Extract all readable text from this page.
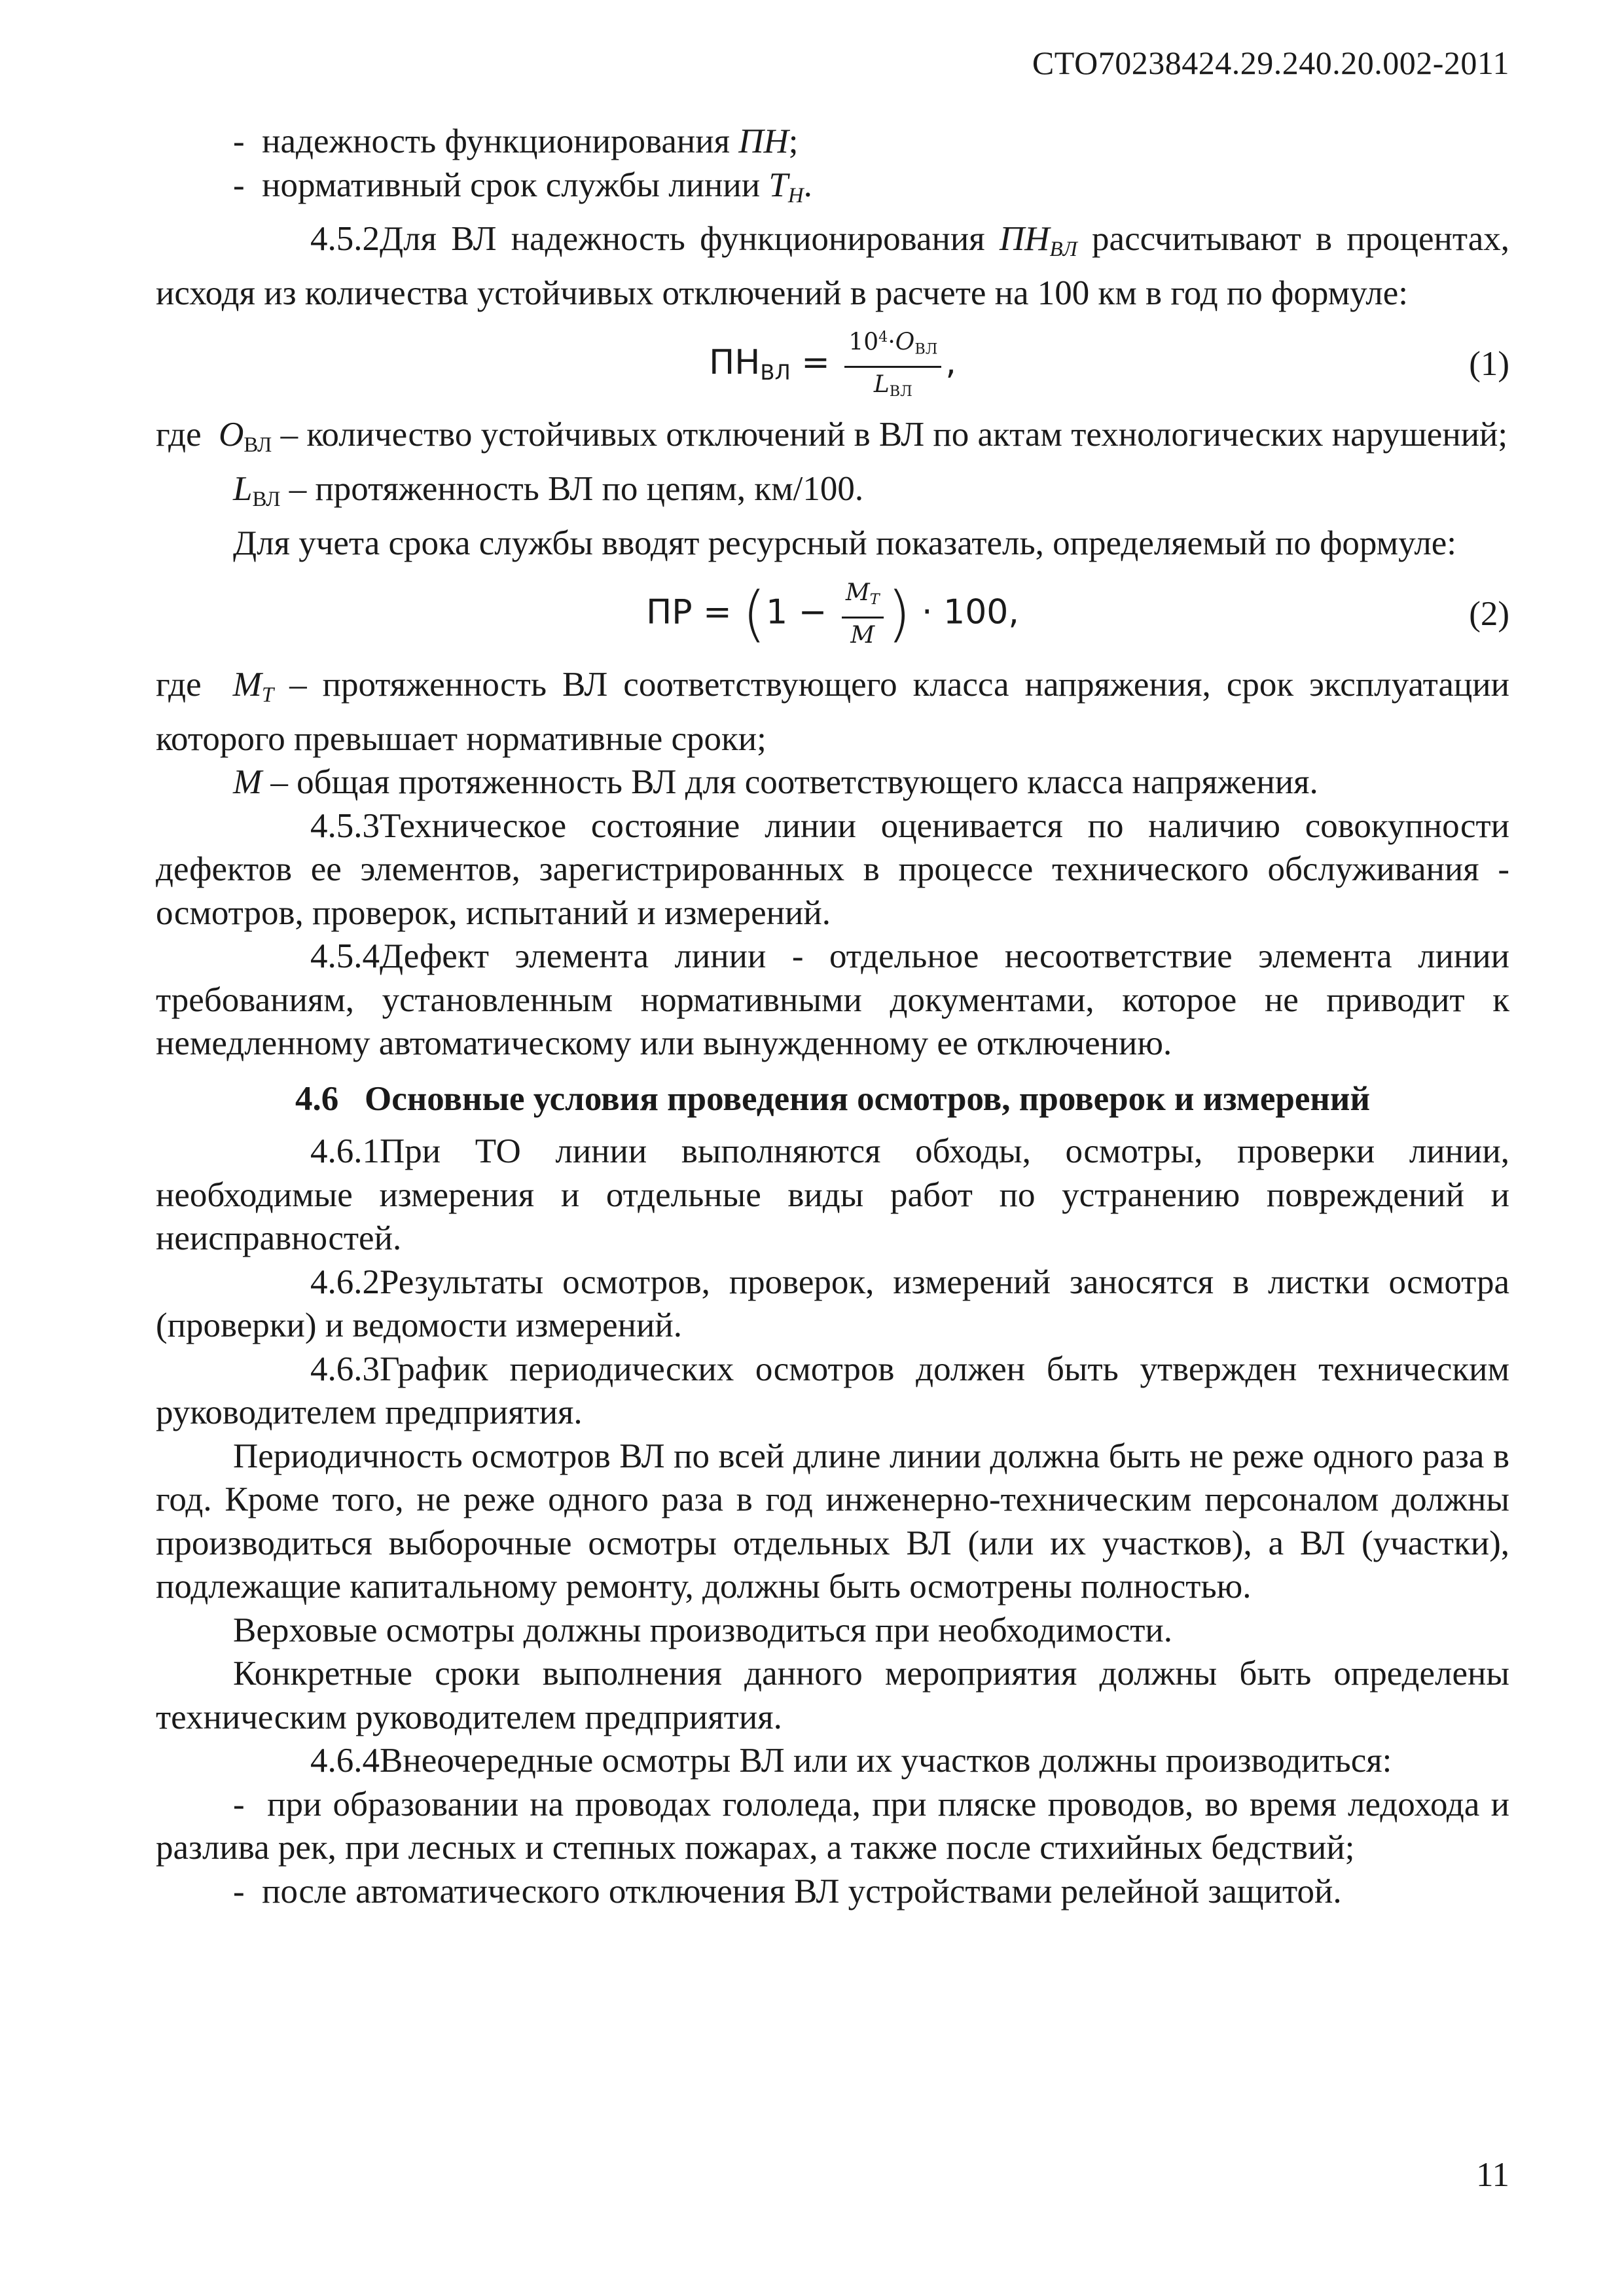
СТО70238424.29.240.20.002-2011

- надежность функционирования ПН;

- нормативный срок службы линии $T_Н$.

4.5.2Для ВЛ надежность функционирования $ПН_{ВЛ}$ рассчитывают в процентах, исходя из количества устойчивых отключений в расчете на 100 км в год по формуле:

$ПН_{ВЛ} = \frac{10^4\cdot O_{ВЛ}}{L_{ВЛ}}$ ,	(1)

где  $O_{ВЛ}$ – количество устойчивых отключений в ВЛ по актам технологических нарушений;

$L_{ВЛ}$ – протяженность ВЛ по цепям, км/100.

Для учета срока службы вводят ресурсный показатель, определяемый по формуле:

ПР = ($1 - \frac{M_T}{M}$ ) · 100,	(2)

где  $M_T$ – протяженность ВЛ соответствующего класса напряжения, срок эксплуатации которого превышает нормативные сроки;

M – общая протяженность ВЛ для соответствующего класса напряжения.

4.5.3Техническое состояние линии оценивается по наличию совокупности дефектов ее элементов, зарегистрированных в процессе технического обслуживания - осмотров, проверок, испытаний и измерений.

4.5.4Дефект элемента линии - отдельное несоответствие элемента линии требованиям, установленным нормативными документами, которое не приводит к немедленному автоматическому или вынужденному ее отключению.

4.6 Основные условия проведения осмотров, проверок и измерений

4.6.1При ТО линии выполняются обходы, осмотры, проверки линии, необходимые измерения и отдельные виды работ по устранению повреждений и неисправностей.

4.6.2Результаты осмотров, проверок, измерений заносятся в листки осмотра (проверки) и ведомости измерений.

4.6.3График периодических осмотров должен быть утвержден техническим руководителем предприятия.

Периодичность осмотров ВЛ по всей длине линии должна быть не реже одного раза в год. Кроме того, не реже одного раза в год инженерно-техническим персоналом должны производиться выборочные осмотры отдельных ВЛ (или их участков), а ВЛ (участки), подлежащие капитальному ремонту, должны быть осмотрены полностью.

Верховые осмотры должны производиться при необходимости.

Конкретные сроки выполнения данного мероприятия должны быть определены техническим руководителем предприятия.

4.6.4Внеочередные осмотры ВЛ или их участков должны производиться:

- при образовании на проводах гололеда, при пляске проводов, во время ледохода и разлива рек, при лесных и степных пожарах, а также после стихийных бедствий;

- после автоматического отключения ВЛ устройствами релейной защитой.

11
